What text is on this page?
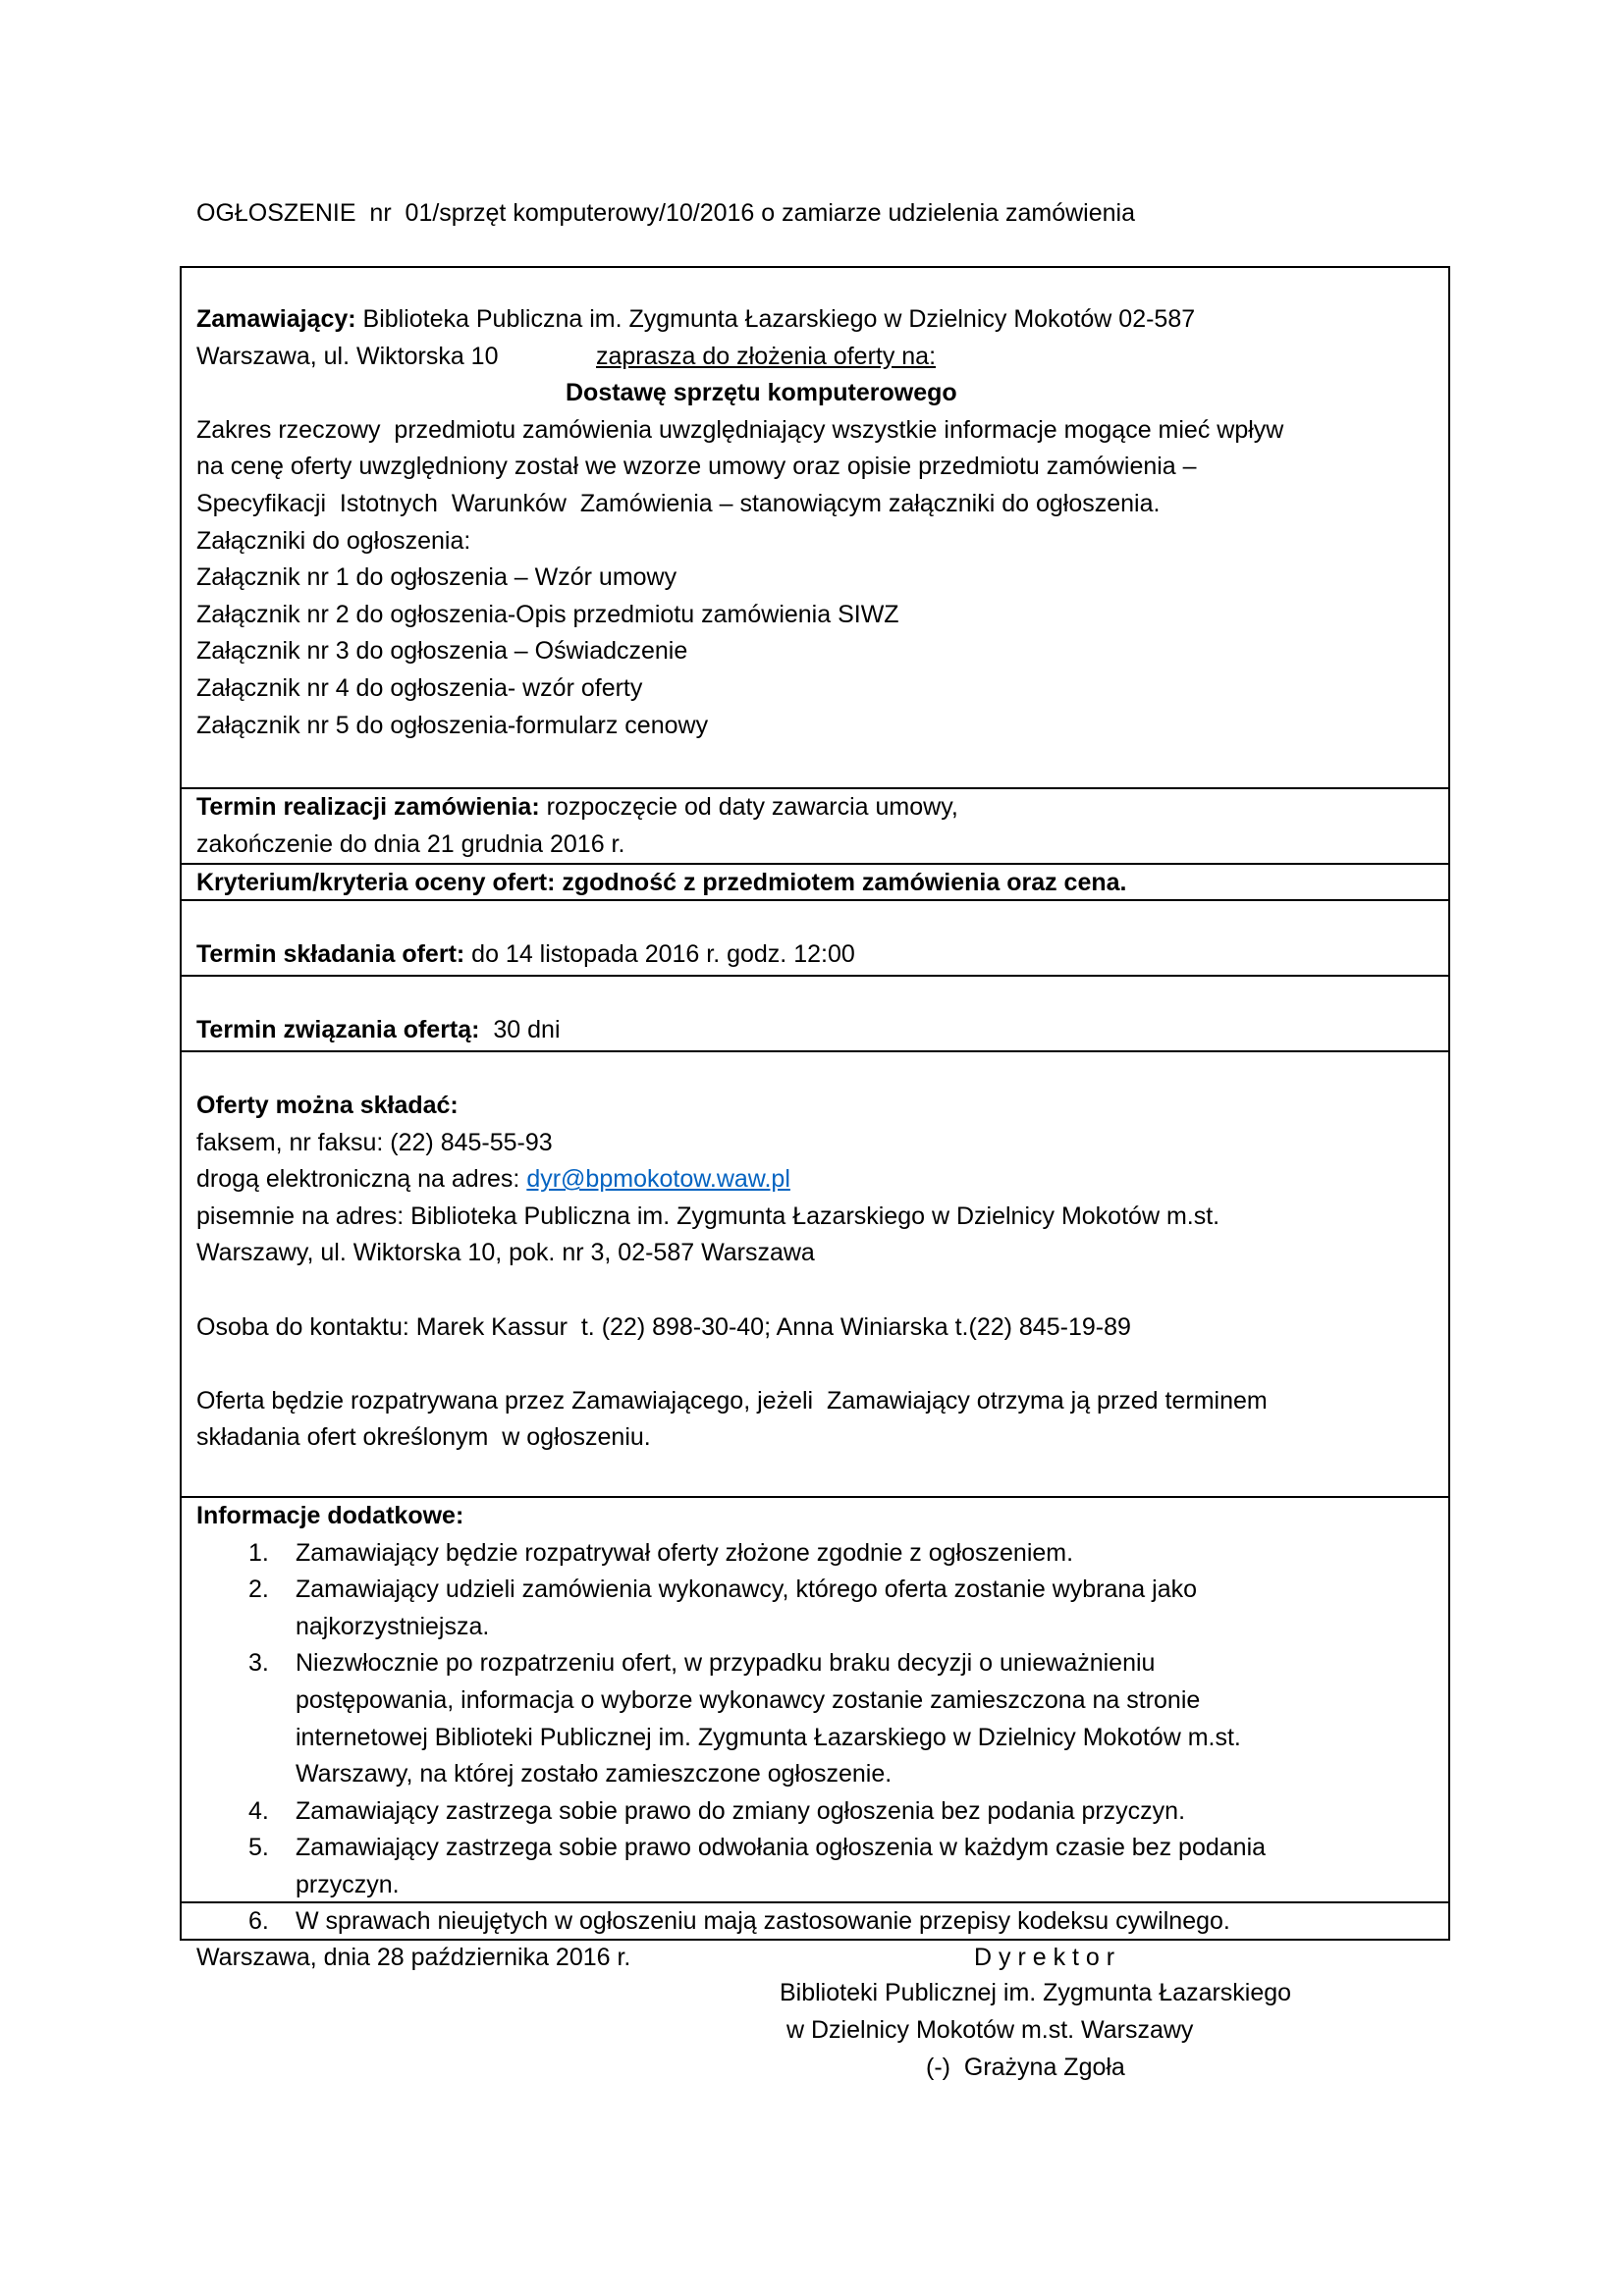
OGŁOSZENIE  nr  01/sprzęt komputerowy/10/2016 o zamiarze udzielenia zamówienia
Zamawiający: Biblioteka Publiczna im. Zygmunta Łazarskiego w Dzielnicy Mokotów 02-587
Warszawa, ul. Wiktorska 10	zaprasza do złożenia oferty na:
Dostawę sprzętu komputerowego
Zakres rzeczowy  przedmiotu zamówienia uwzględniający wszystkie informacje mogące mieć wpływ
na cenę oferty uwzględniony został we wzorze umowy oraz opisie przedmiotu zamówienia –
Specyfikacji  Istotnych  Warunków  Zamówienia – stanowiącym załączniki do ogłoszenia.
Załączniki do ogłoszenia:
Załącznik nr 1 do ogłoszenia – Wzór umowy
Załącznik nr 2 do ogłoszenia-Opis przedmiotu zamówienia SIWZ
Załącznik nr 3 do ogłoszenia – Oświadczenie
Załącznik nr 4 do ogłoszenia- wzór oferty
Załącznik nr 5 do ogłoszenia-formularz cenowy
Termin realizacji zamówienia: rozpoczęcie od daty zawarcia umowy,
zakończenie do dnia 21 grudnia 2016 r.
Kryterium/kryteria oceny ofert: zgodność z przedmiotem zamówienia oraz cena.
Termin składania ofert: do 14 listopada 2016 r. godz. 12:00
Termin związania ofertą:  30 dni
Oferty można składać:
faksem, nr faksu: (22) 845-55-93
drogą elektroniczną na adres: dyr@bpmokotow.waw.pl
pisemnie na adres: Biblioteka Publiczna im. Zygmunta Łazarskiego w Dzielnicy Mokotów m.st.
Warszawy, ul. Wiktorska 10, pok. nr 3, 02-587 Warszawa
Osoba do kontaktu: Marek Kassur  t. (22) 898-30-40; Anna Winiarska t.(22) 845-19-89
Oferta będzie rozpatrywana przez Zamawiającego, jeżeli  Zamawiający otrzyma ją przed terminem
składania ofert określonym  w ogłoszeniu.
Informacje dodatkowe:
1. Zamawiający będzie rozpatrywał oferty złożone zgodnie z ogłoszeniem.
2. Zamawiający udzieli zamówienia wykonawcy, którego oferta zostanie wybrana jako
najkorzystniejsza.
3. Niezwłocznie po rozpatrzeniu ofert, w przypadku braku decyzji o unieważnieniu
postępowania, informacja o wyborze wykonawcy zostanie zamieszczona na stronie
internetowej Biblioteki Publicznej im. Zygmunta Łazarskiego w Dzielnicy Mokotów m.st.
Warszawy, na której zostało zamieszczone ogłoszenie.
4. Zamawiający zastrzega sobie prawo do zmiany ogłoszenia bez podania przyczyn.
5. Zamawiający zastrzega sobie prawo odwołania ogłoszenia w każdym czasie bez podania
przyczyn.
6. W sprawach nieujętych w ogłoszeniu mają zastosowanie przepisy kodeksu cywilnego.
Warszawa, dnia 28 października 2016 r.	D y r e k t o r
Biblioteki Publicznej im. Zygmunta Łazarskiego
w Dzielnicy Mokotów m.st. Warszawy
(-)  Grażyna Zgoła
